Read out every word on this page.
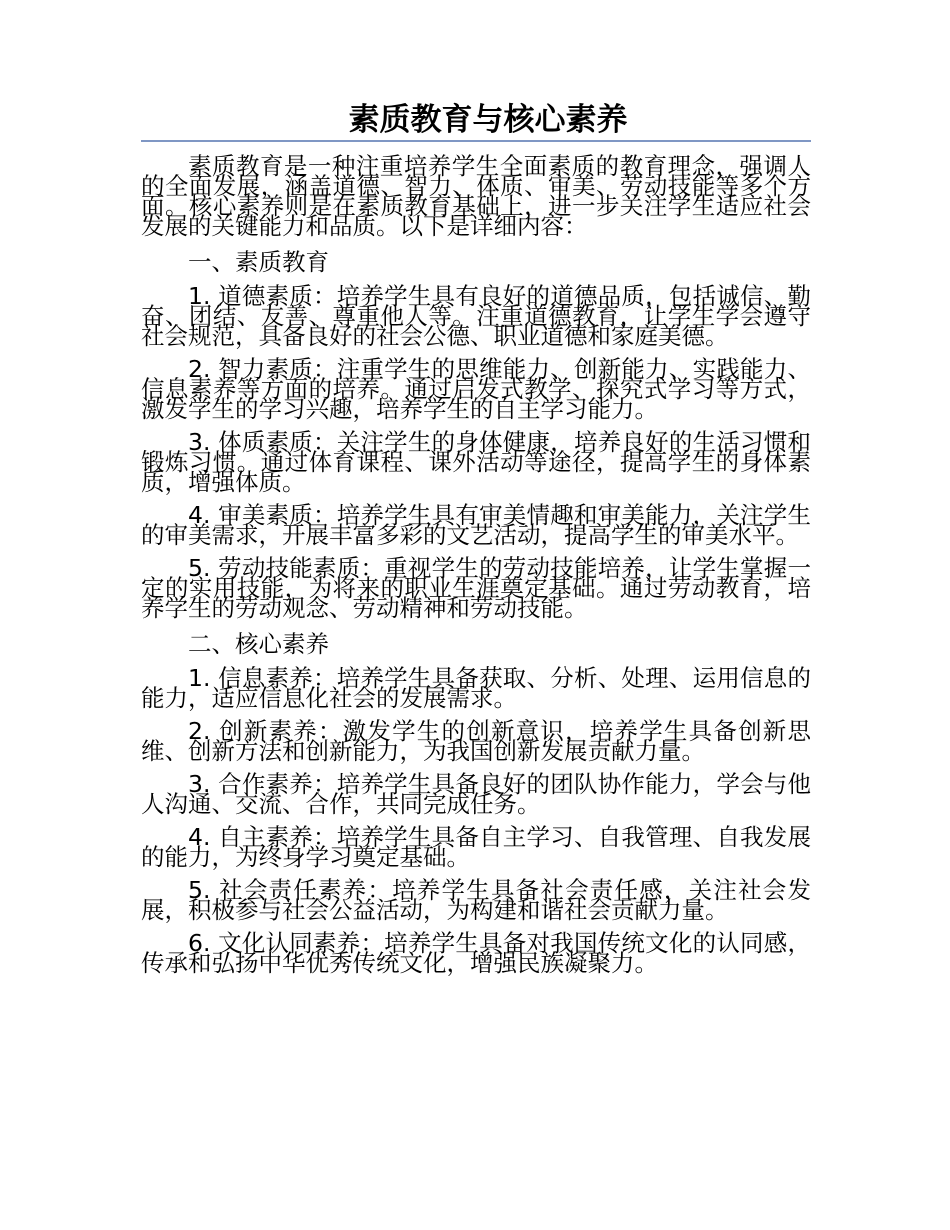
素质教育与核心素养

素质教育是一种注重培养学生全面素质的教育理念，强调人的全面发展，涵盖道德、智力、体质、审美、劳动技能等多个方面。核心素养则是在素质教育基础上，进一步关注学生适应社会发展的关键能力和品质。以下是详细内容：

一、素质教育

1. 道德素质：培养学生具有良好的道德品质，包括诚信、勤奋、团结、友善、尊重他人等。注重道德教育，让学生学会遵守社会规范，具备良好的社会公德、职业道德和家庭美德。

2. 智力素质：注重学生的思维能力、创新能力、实践能力、信息素养等方面的培养。通过启发式教学、探究式学习等方式，激发学生的学习兴趣，培养学生的自主学习能力。

3. 体质素质：关注学生的身体健康，培养良好的生活习惯和锻炼习惯。通过体育课程、课外活动等途径，提高学生的身体素质，增强体质。

4. 审美素质：培养学生具有审美情趣和审美能力，关注学生的审美需求，开展丰富多彩的文艺活动，提高学生的审美水平。

5. 劳动技能素质：重视学生的劳动技能培养，让学生掌握一定的实用技能，为将来的职业生涯奠定基础。通过劳动教育，培养学生的劳动观念、劳动精神和劳动技能。

二、核心素养

1. 信息素养：培养学生具备获取、分析、处理、运用信息的能力，适应信息化社会的发展需求。

2. 创新素养：激发学生的创新意识，培养学生具备创新思维、创新方法和创新能力，为我国创新发展贡献力量。

3. 合作素养：培养学生具备良好的团队协作能力，学会与他人沟通、交流、合作，共同完成任务。

4. 自主素养：培养学生具备自主学习、自我管理、自我发展的能力，为终身学习奠定基础。

5. 社会责任素养：培养学生具备社会责任感，关注社会发展，积极参与社会公益活动，为构建和谐社会贡献力量。

6. 文化认同素养：培养学生具备对我国传统文化的认同感，传承和弘扬中华优秀传统文化，增强民族凝聚力。
